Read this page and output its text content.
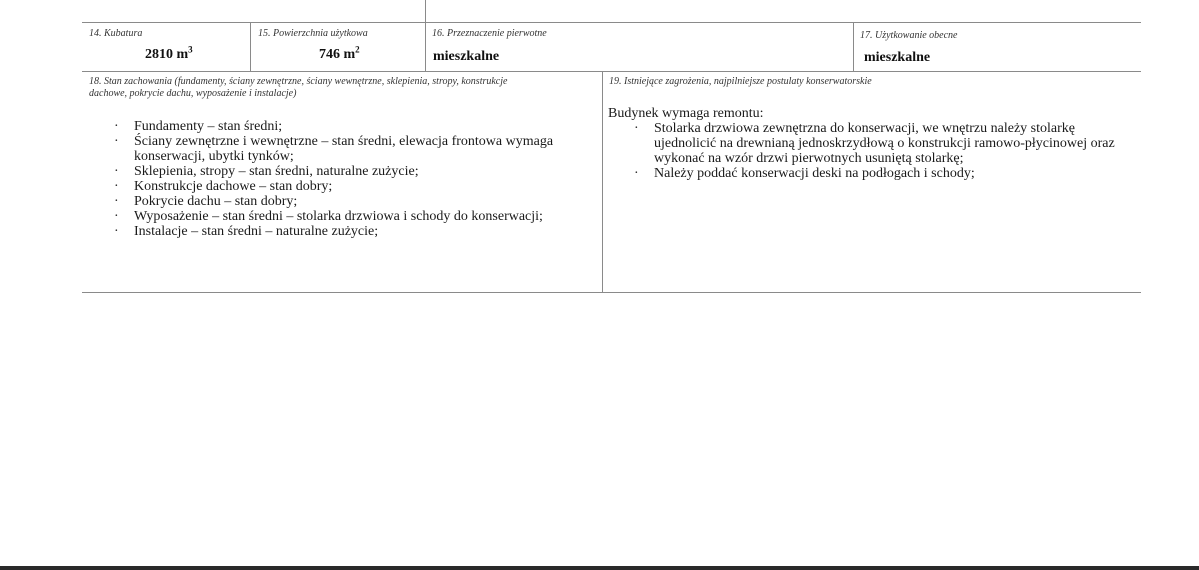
14. Kubatura
2810 $m^3$
15. Powierzchnia użytkowa
746 $m^2$
16. Przeznaczenie pierwotne
mieszkalne
17. Użytkowanie obecne
mieszkalne
18. Stan zachowania (fundamenty, ściany zewnętrzne, ściany wewnętrzne, sklepienia, stropy, konstrukcje
dachowe, pokrycie dachu, wyposażenie i instalacje)
· Fundamenty – stan średni;
· Ściany zewnętrzne i wewnętrzne – stan średni, elewacja frontowa wymaga
konserwacji, ubytki tynków;
· Sklepienia, stropy – stan średni, naturalne zużycie;
· Konstrukcje dachowe – stan dobry;
· Pokrycie dachu – stan dobry;
· Wyposażenie – stan średni – stolarka drzwiowa i schody do konserwacji;
· Instalacje – stan średni – naturalne zużycie;
19. Istniejące zagrożenia, najpilniejsze postulaty konserwatorskie
Budynek wymaga remontu:
· Stolarka drzwiowa zewnętrzna do konserwacji, we wnętrzu należy stolarkę
ujednolicić na drewnianą jednoskrzydłową o konstrukcji ramowo-płycinowej oraz
wykonać na wzór drzwi pierwotnych usuniętą stolarkę;
· Należy poddać konserwacji deski na podłogach i schody;
